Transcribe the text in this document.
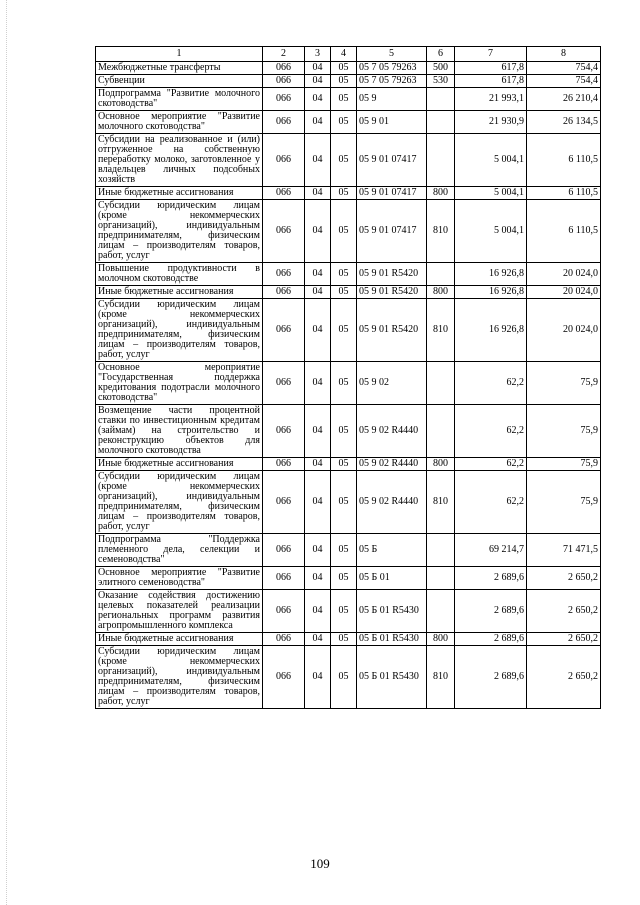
1	2	3	4	5	6	7	8
Межбюджетные трансферты	066	04	05	05 7 05 79263	500	617,8	754,4
Субвенции	066	04	05	05 7 05 79263	530	617,8	754,4
Подпрограмма "Развитие молочного скотоводства"	066	04	05	05 9		21 993,1	26 210,4
Основное мероприятие "Развитие молочного скотоводства"	066	04	05	05 9 01		21 930,9	26 134,5
Субсидии на реализованное и (или) отгруженное на собственную переработку молоко, заготовленное у владельцев личных подсобных хозяйств	066	04	05	05 9 01 07417		5 004,1	6 110,5
Иные бюджетные ассигнования	066	04	05	05 9 01 07417	800	5 004,1	6 110,5
Субсидии юридическим лицам (кроме некоммерческих организаций), индивидуальным предпринимателям, физическим лицам – производителям товаров, работ, услуг	066	04	05	05 9 01 07417	810	5 004,1	6 110,5
Повышение продуктивности в молочном скотоводстве	066	04	05	05 9 01 R5420		16 926,8	20 024,0
Иные бюджетные ассигнования	066	04	05	05 9 01 R5420	800	16 926,8	20 024,0
Субсидии юридическим лицам (кроме некоммерческих организаций), индивидуальным предпринимателям, физическим лицам – производителям товаров, работ, услуг	066	04	05	05 9 01 R5420	810	16 926,8	20 024,0
Основное мероприятие "Государственная поддержка кредитования подотрасли молочного скотоводства"	066	04	05	05 9 02		62,2	75,9
Возмещение части процентной ставки по инвестиционным кредитам (займам) на строительство и реконструкцию объектов для молочного скотоводства	066	04	05	05 9 02 R4440		62,2	75,9
Иные бюджетные ассигнования	066	04	05	05 9 02 R4440	800	62,2	75,9
Субсидии юридическим лицам (кроме некоммерческих организаций), индивидуальным предпринимателям, физическим лицам – производителям товаров, работ, услуг	066	04	05	05 9 02 R4440	810	62,2	75,9
Подпрограмма "Поддержка племенного дела, селекции и семеноводства"	066	04	05	05 Б		69 214,7	71 471,5
Основное мероприятие "Развитие элитного семеноводства"	066	04	05	05 Б 01		2 689,6	2 650,2
Оказание содействия достижению целевых показателей реализации региональных программ развития агропромышленного комплекса	066	04	05	05 Б 01 R5430		2 689,6	2 650,2
Иные бюджетные ассигнования	066	04	05	05 Б 01 R5430	800	2 689,6	2 650,2
Субсидии юридическим лицам (кроме некоммерческих организаций), индивидуальным предпринимателям, физическим лицам – производителям товаров, работ, услуг	066	04	05	05 Б 01 R5430	810	2 689,6	2 650,2
109
